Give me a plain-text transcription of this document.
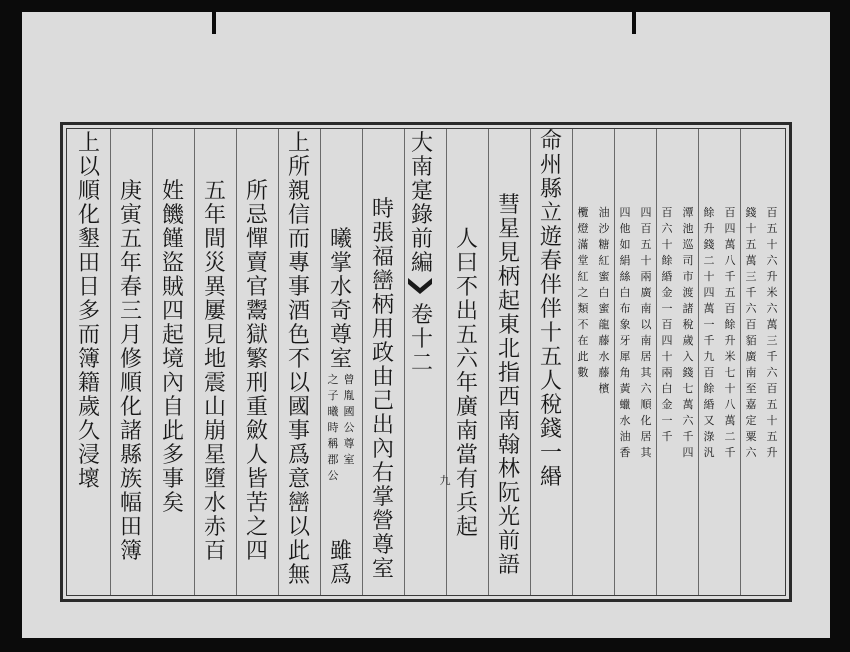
百
五
十
六
升
米
六
萬
三
千
六
百
五
十
五
升
錢
十
五
萬
三
千
六
百
貊
廣
南
至
嘉
定
粟
六
百
四
萬
八
千
五
百
餘
升
米
七
十
八
萬
二
千
餘
升
錢
二
十
四
萬
一
千
九
百
餘
緍
又
淥
汎
潭
池
巡
司
市
渡
諸
稅
歲
入
錢
七
萬
六
千
四
百
六
十
餘
緍
金
一
百
四
十
兩
白
金
一
千
四
百
五
十
兩
廣
南
以
南
居
其
六
順
化
居
其
四
他
如
絹
絲
白
布
象
牙
犀
角
黃
蠟
水
油
香
油
沙
糖
紅
蜜
白
蜜
龍
藤
水
藤
檳
欖
燈
滿
堂
紅
之
類
不
在
此
數
命
州
縣
立
遊
春
伴
伴
十
五
人
稅
錢
一
緡
彗
星
見
柄
起
東
北
指
西
南
翰
林
阮
光
前
語
人
曰
不
出
五
六
年
廣
南
當
有
兵
起
大
南
寔
錄
前
編
卷
十
二
九
時
張
福
巒
柄
用
政
由
己
出
內
右
掌
營
尊
室
曦
掌
水
奇
尊
室
曾
胤
國
公
尊
室
之
子
曦
時
稱
郡
公
雖
爲
上
所
親
信
而
專
事
酒
色
不
以
國
事
爲
意
巒
以
此
無
所
忌
憚
賣
官
鬻
獄
繁
刑
重
斂
人
皆
苦
之
四
五
年
間
災
異
屢
見
地
震
山
崩
星
墮
水
赤
百
姓
饑
饉
盜
賊
四
起
境
內
自
此
多
事
矣
庚
寅
五
年
春
三
月
修
順
化
諸
縣
族
幅
田
簿
上
以
順
化
墾
田
日
多
而
簿
籍
歲
久
浸
壞
